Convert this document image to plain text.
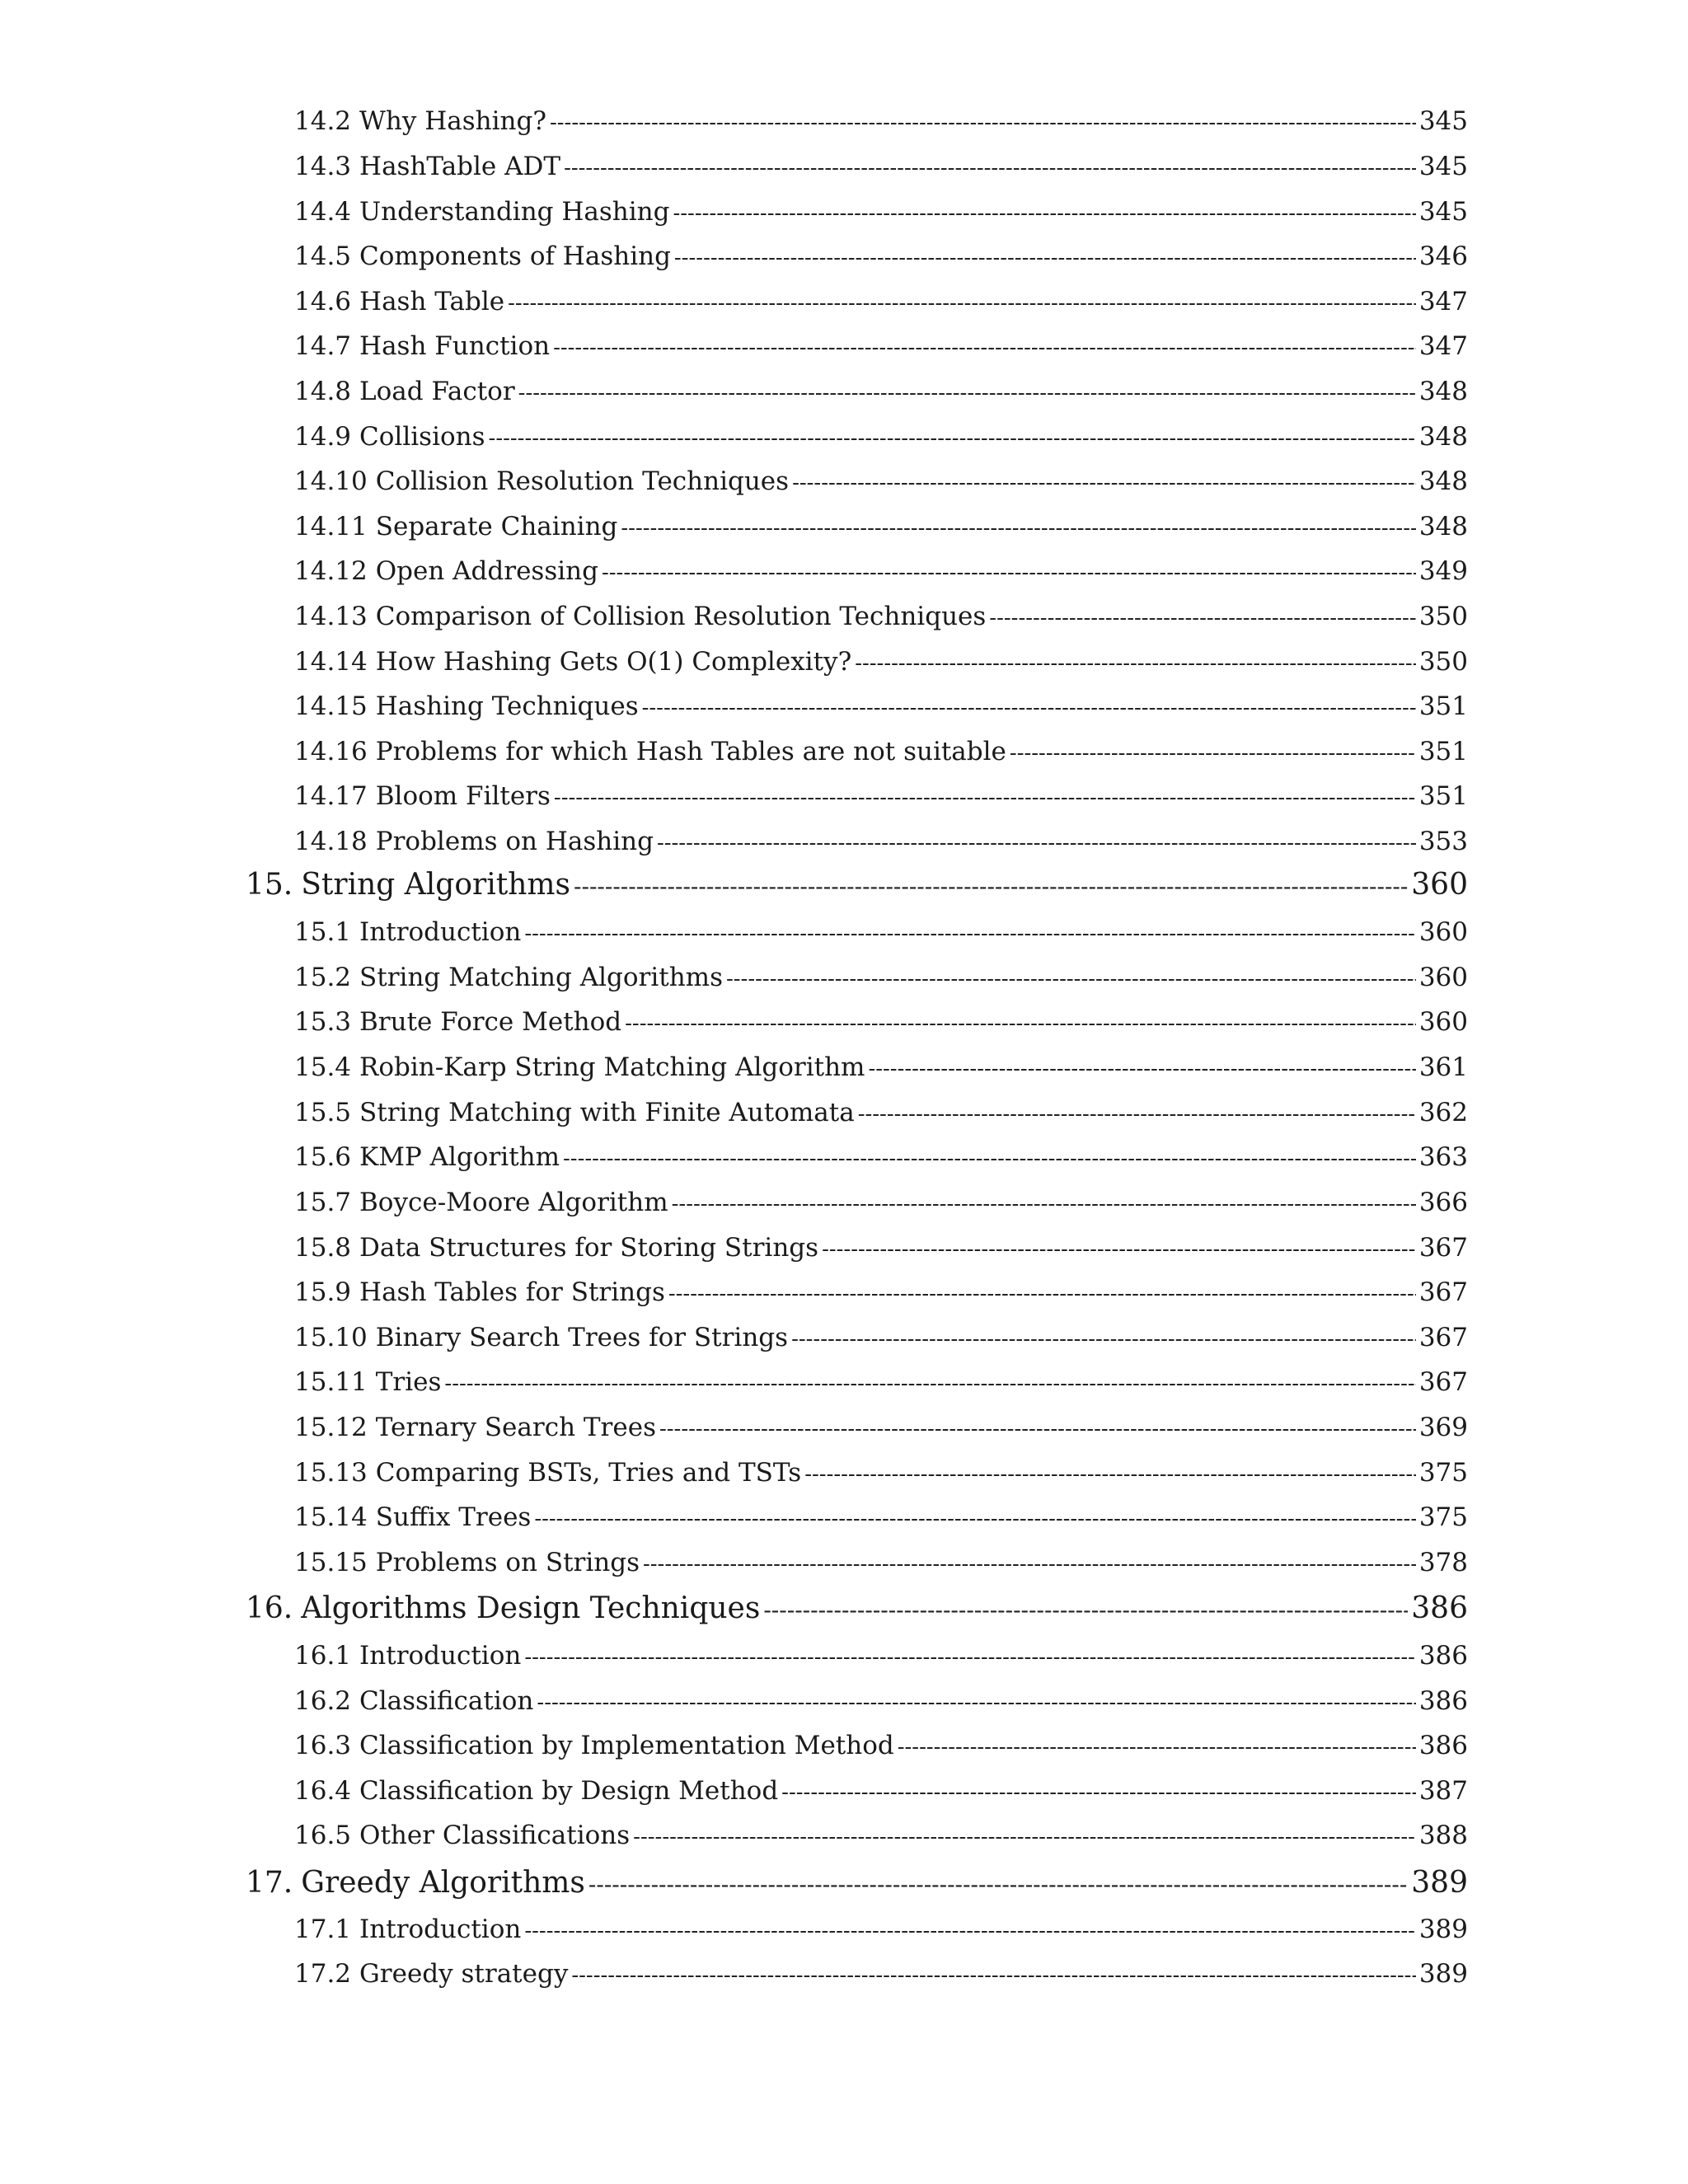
14.2 Why Hashing? -----	345
14.3 HashTable ADT -----	345
14.4 Understanding Hashing -----	345
14.5 Components of Hashing -----	346
14.6 Hash Table -----	347
14.7 Hash Function -----	347
14.8 Load Factor -----	348
14.9 Collisions -----	348
14.10 Collision Resolution Techniques -----	348
14.11 Separate Chaining -----	348
14.12 Open Addressing -----	349
14.13 Comparison of Collision Resolution Techniques -----	350
14.14 How Hashing Gets O(1) Complexity? -----	350
14.15 Hashing Techniques -----	351
14.16 Problems for which Hash Tables are not suitable -----	351
14.17 Bloom Filters -----	351
14.18 Problems on Hashing -----	353
15. String Algorithms -----	360
15.1 Introduction -----	360
15.2 String Matching Algorithms -----	360
15.3 Brute Force Method -----	360
15.4 Robin-Karp String Matching Algorithm -----	361
15.5 String Matching with Finite Automata -----	362
15.6 KMP Algorithm -----	363
15.7 Boyce-Moore Algorithm -----	366
15.8 Data Structures for Storing Strings -----	367
15.9 Hash Tables for Strings -----	367
15.10 Binary Search Trees for Strings -----	367
15.11 Tries -----	367
15.12 Ternary Search Trees -----	369
15.13 Comparing BSTs, Tries and TSTs -----	375
15.14 Suffix Trees -----	375
15.15 Problems on Strings -----	378
16. Algorithms Design Techniques -----	386
16.1 Introduction -----	386
16.2 Classification -----	386
16.3 Classification by Implementation Method -----	386
16.4 Classification by Design Method -----	387
16.5 Other Classifications -----	388
17. Greedy Algorithms -----	389
17.1 Introduction -----	389
17.2 Greedy strategy -----	389
